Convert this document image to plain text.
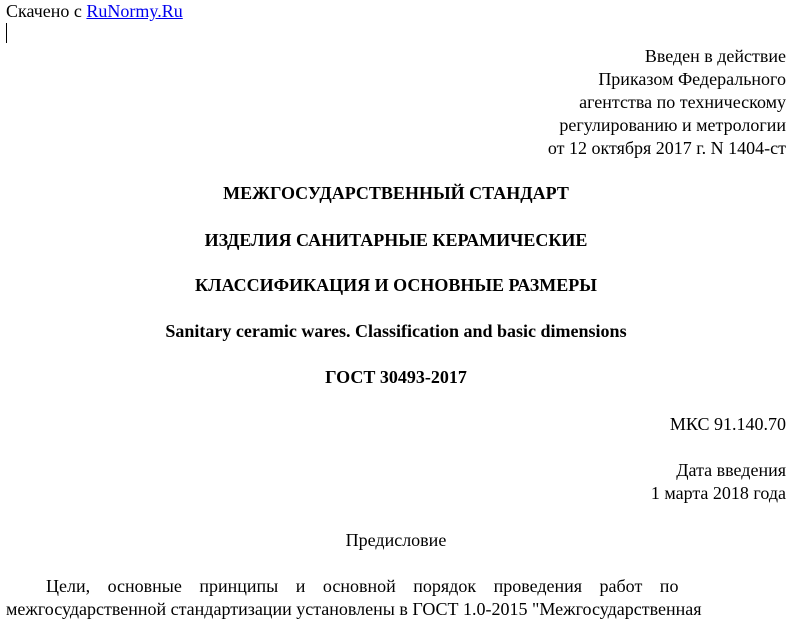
Скачено с RuNormy.Ru
Введен в действие
Приказом Федерального
агентства по техническому
регулированию и метрологии
от 12 октября 2017 г. N 1404-ст
МЕЖГОСУДАРСТВЕННЫЙ СТАНДАРТ
ИЗДЕЛИЯ САНИТАРНЫЕ КЕРАМИЧЕСКИЕ
КЛАССИФИКАЦИЯ И ОСНОВНЫЕ РАЗМЕРЫ
Sanitary ceramic wares. Classification and basic dimensions
ГОСТ 30493-2017
МКС 91.140.70
Дата введения
1 марта 2018 года
Предисловие
Цели, основные принципы и основной порядок проведения работ по
межгосударственной стандартизации установлены в ГОСТ 1.0-2015 "Межгосударственная
